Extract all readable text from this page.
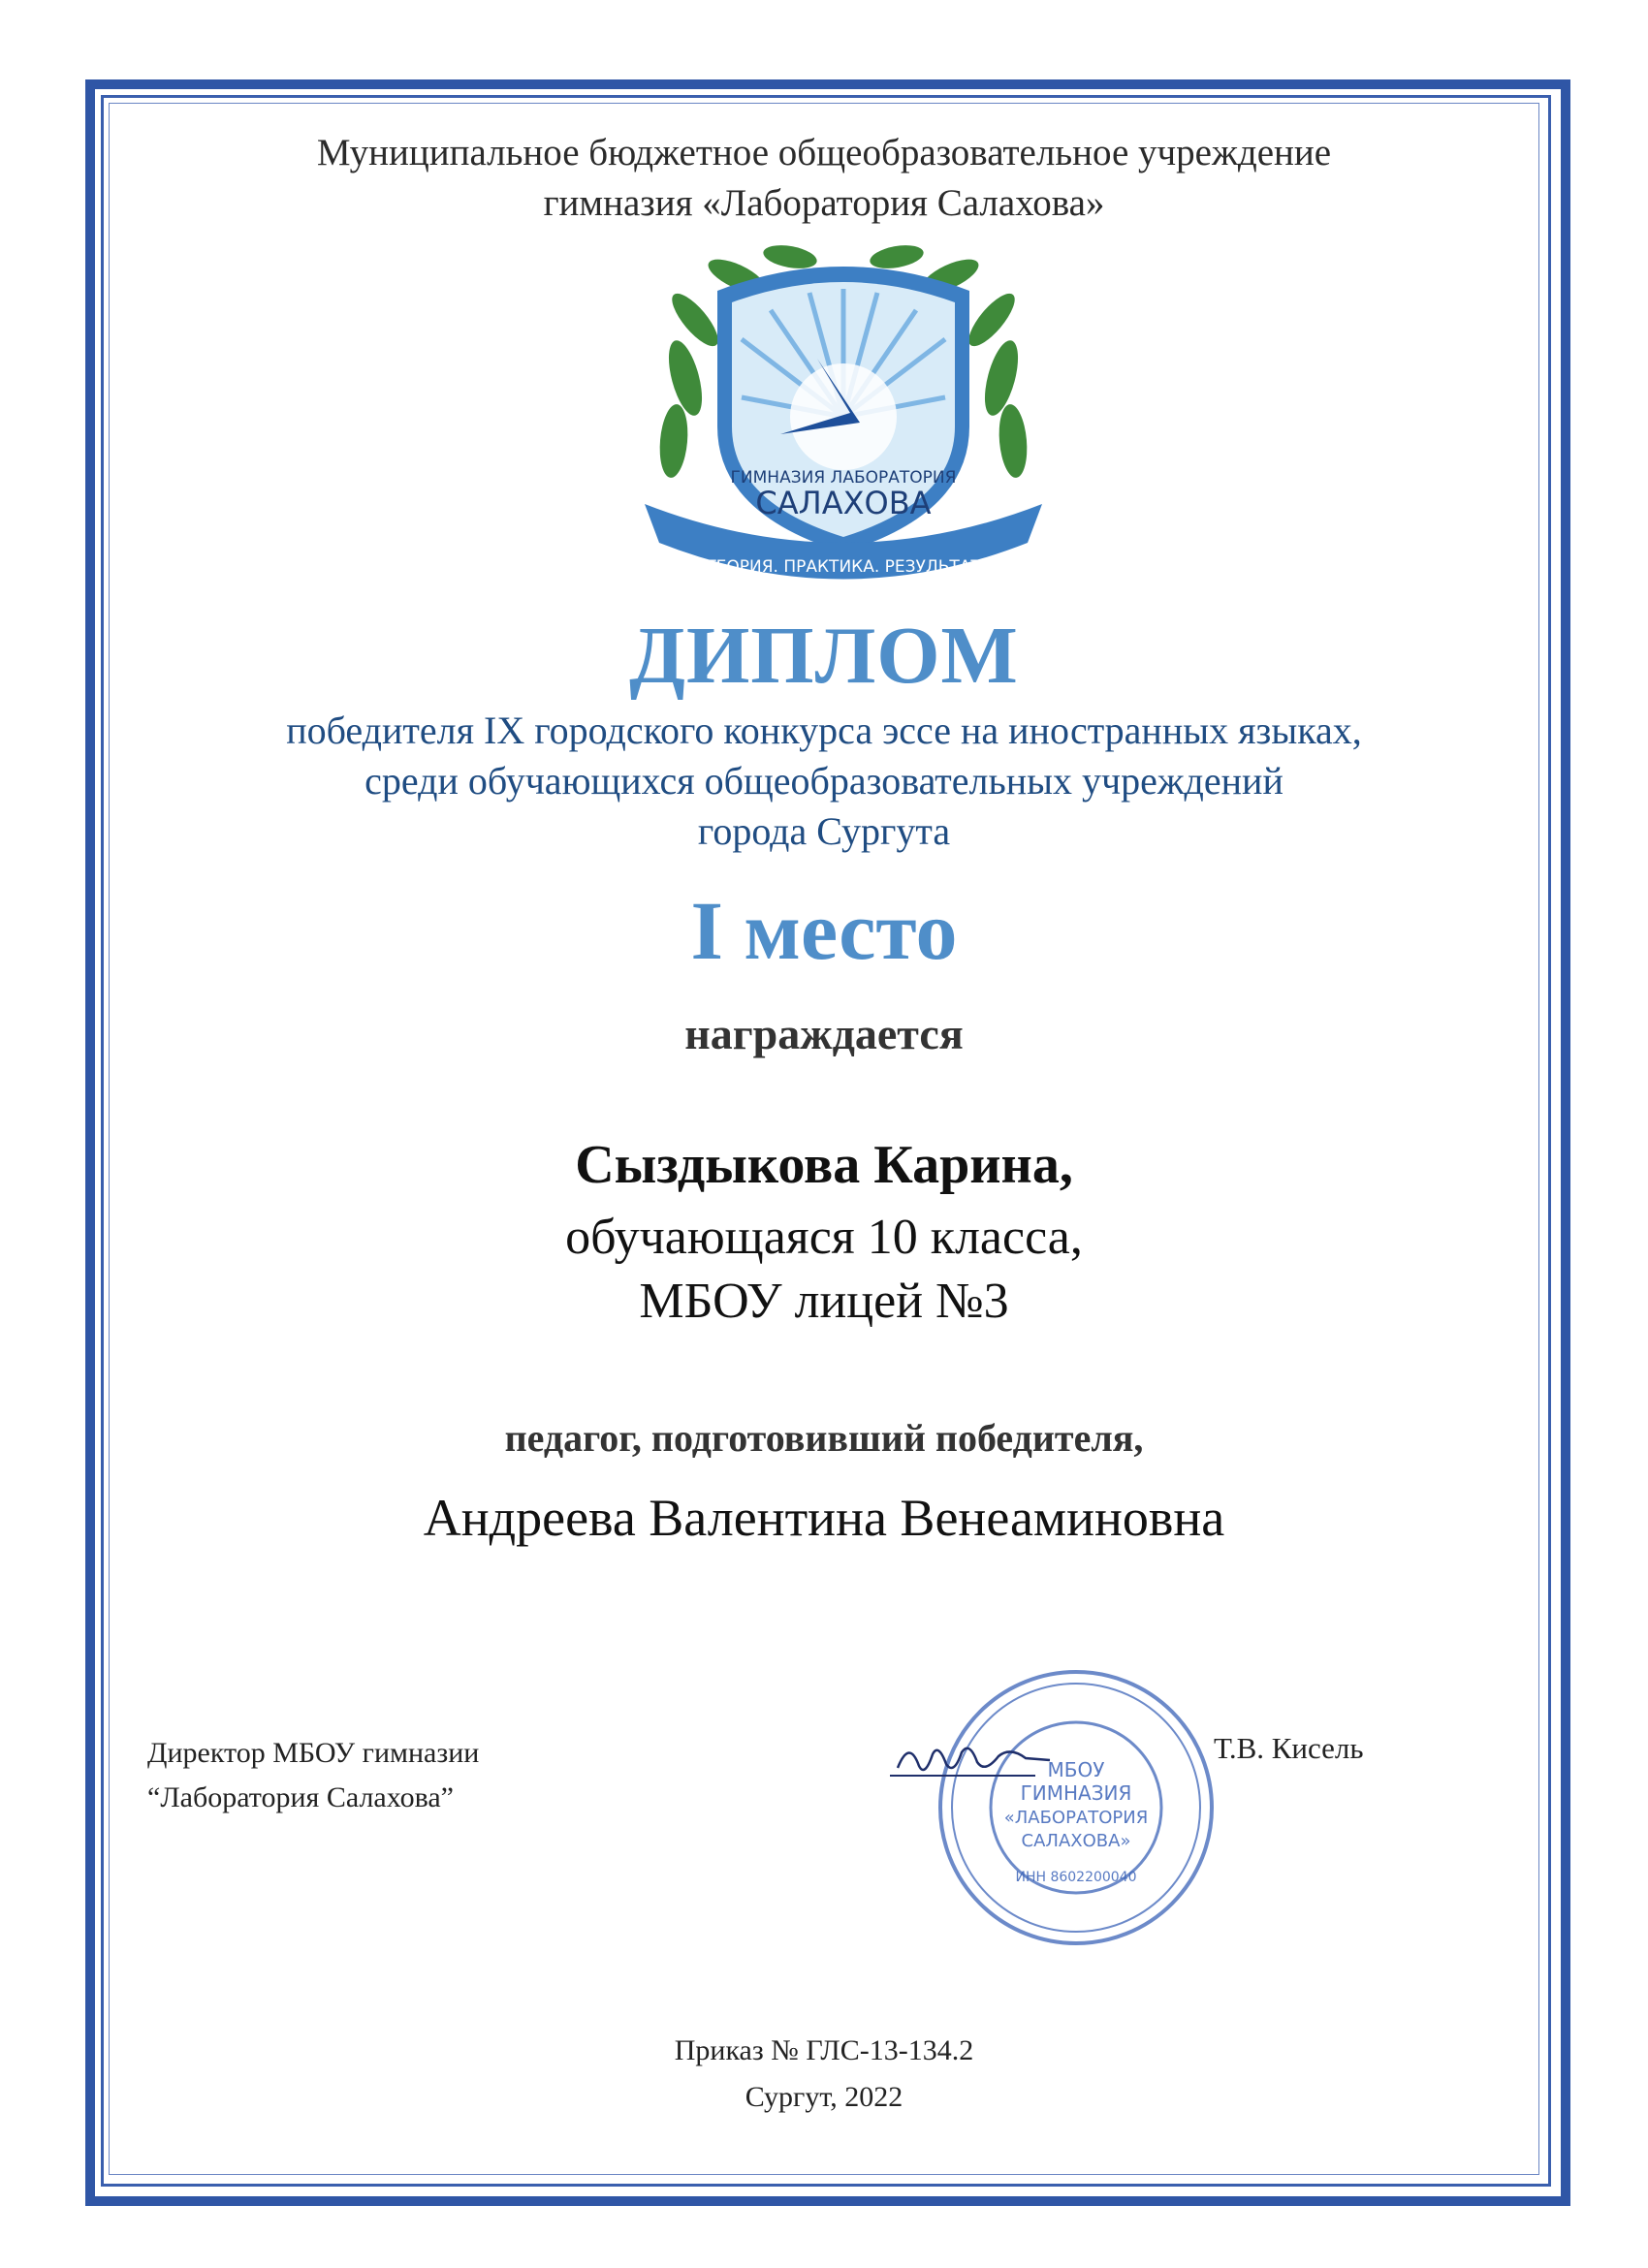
Муниципальное бюджетное общеобразовательное учреждение
гимназия «Лаборатория Салахова»
ГИМНАЗИЯ ЛАБОРАТОРИЯ
САЛАХОВА
ТЕОРИЯ. ПРАКТИКА. РЕЗУЛЬТАТ
ДИПЛОМ
победителя IX городского конкурса эссе на иностранных языках,
среди обучающихся общеобразовательных учреждений
города Сургута
I место
награждается
Сыздыкова Карина,
обучающаяся 10 класса,
МБОУ лицей №3
педагог, подготовивший победителя,
Андреева Валентина Венеаминовна
Директор МБОУ гимназии
“Лаборатория Салахова”
МБОУ
ГИМНАЗИЯ
«ЛАБОРАТОРИЯ
САЛАХОВА»
ИНН 8602200040
Т.В. Кисель
Приказ № ГЛС-13-134.2
Сургут, 2022
